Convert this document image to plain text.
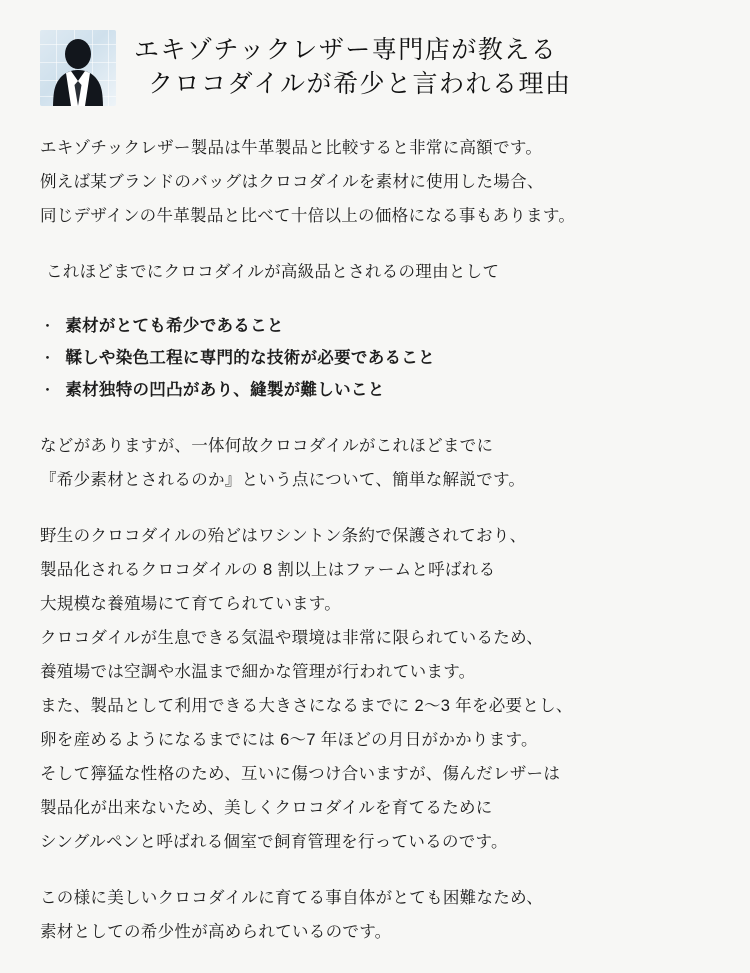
エキゾチックレザー専門店が教える
クロコダイルが希少と言われる理由

エキゾチックレザー製品は牛革製品と比較すると非常に高額です。
例えば某ブランドのバッグはクロコダイルを素材に使用した場合、
同じデザインの牛革製品と比べて十倍以上の価格になる事もあります。

これほどまでにクロコダイルが高級品とされるの理由として

・ 素材がとても希少であること
・ 鞣しや染色工程に専門的な技術が必要であること
・ 素材独特の凹凸があり、縫製が難しいこと

などがありますが、一体何故クロコダイルがこれほどまでに
『希少素材とされるのか』という点について、簡単な解説です。

野生のクロコダイルの殆どはワシントン条約で保護されており、
製品化されるクロコダイルの 8 割以上はファームと呼ばれる
大規模な養殖場にて育てられています。
クロコダイルが生息できる気温や環境は非常に限られているため、
養殖場では空調や水温まで細かな管理が行われています。
また、製品として利用できる大きさになるまでに 2～3 年を必要とし、
卵を産めるようになるまでには 6～7 年ほどの月日がかかります。
そして獰猛な性格のため、互いに傷つけ合いますが、傷んだレザーは
製品化が出来ないため、美しくクロコダイルを育てるために
シングルペンと呼ばれる個室で飼育管理を行っているのです。

この様に美しいクロコダイルに育てる事自体がとても困難なため、
素材としての希少性が高められているのです。
